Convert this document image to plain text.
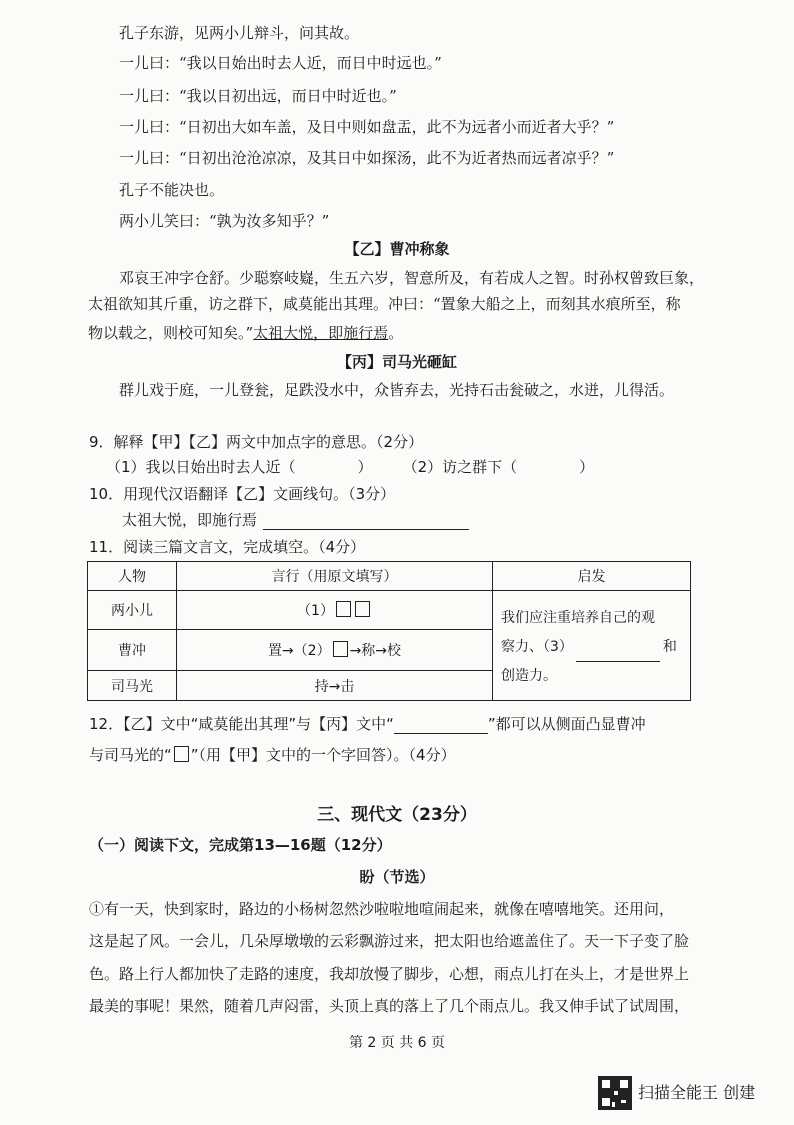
孔子东游，见两小儿辩斗，问其故。
一儿曰：“我以日始出时去人近，而日中时远也。”
一儿曰：“我以日初出远，而日中时近也。”
一儿曰：“日初出大如车盖，及日中则如盘盂，此不为远者小而近者大乎？”
一儿曰：“日初出沧沧凉凉，及其日中如探汤，此不为近者热而远者凉乎？”
孔子不能决也。
两小儿笑曰：“孰为汝多知乎？”
【乙】曹冲称象
邓哀王冲字仓舒。少聪察岐嶷，生五六岁，智意所及，有若成人之智。时孙权曾致巨象，
太祖欲知其斤重，访之群下，咸莫能出其理。冲曰：“置象大船之上，而刻其水痕所至，称
物以载之，则校可知矣。”太祖大悦，即施行焉。
【丙】司马光砸缸
群儿戏于庭，一儿登瓮，足跌没水中，众皆弃去，光持石击瓮破之，水迸，儿得活。
9．解释【甲】【乙】两文中加点字的意思。（2分）
（1）我以日始出时去人近（	） （2）访之群下（	）
10．用现代汉语翻译【乙】文画线句。（3分）
太祖大悦，即施行焉
11．阅读三篇文言文，完成填空。（4分）
人物	言行（用原文填写）	启发
两小儿	（1）	我们应注重培养自己的观
察力、（3） 和
创造力。

曹冲	置→（2） →称→校	
司马光	持→击	
12．【乙】文中“咸莫能出其理”与【丙】文中“	”都可以从侧面凸显曹冲
与司马光的“ ”（用【甲】文中的一个字回答）。（4分）
三、现代文（23分）
（一）阅读下文，完成第13—16题（12分）
盼（节选）
①有一天，快到家时，路边的小杨树忽然沙啦啦地喧闹起来，就像在嘻嘻地笑。还用问，
这是起了风。一会儿，几朵厚墩墩的云彩飘游过来，把太阳也给遮盖住了。天一下子变了脸
色。路上行人都加快了走路的速度，我却放慢了脚步，心想，雨点儿打在头上，才是世界上
最美的事呢！果然，随着几声闷雷，头顶上真的落上了几个雨点儿。我又伸手试了试周围，
第 2 页 共 6 页
扫描全能王 创建
